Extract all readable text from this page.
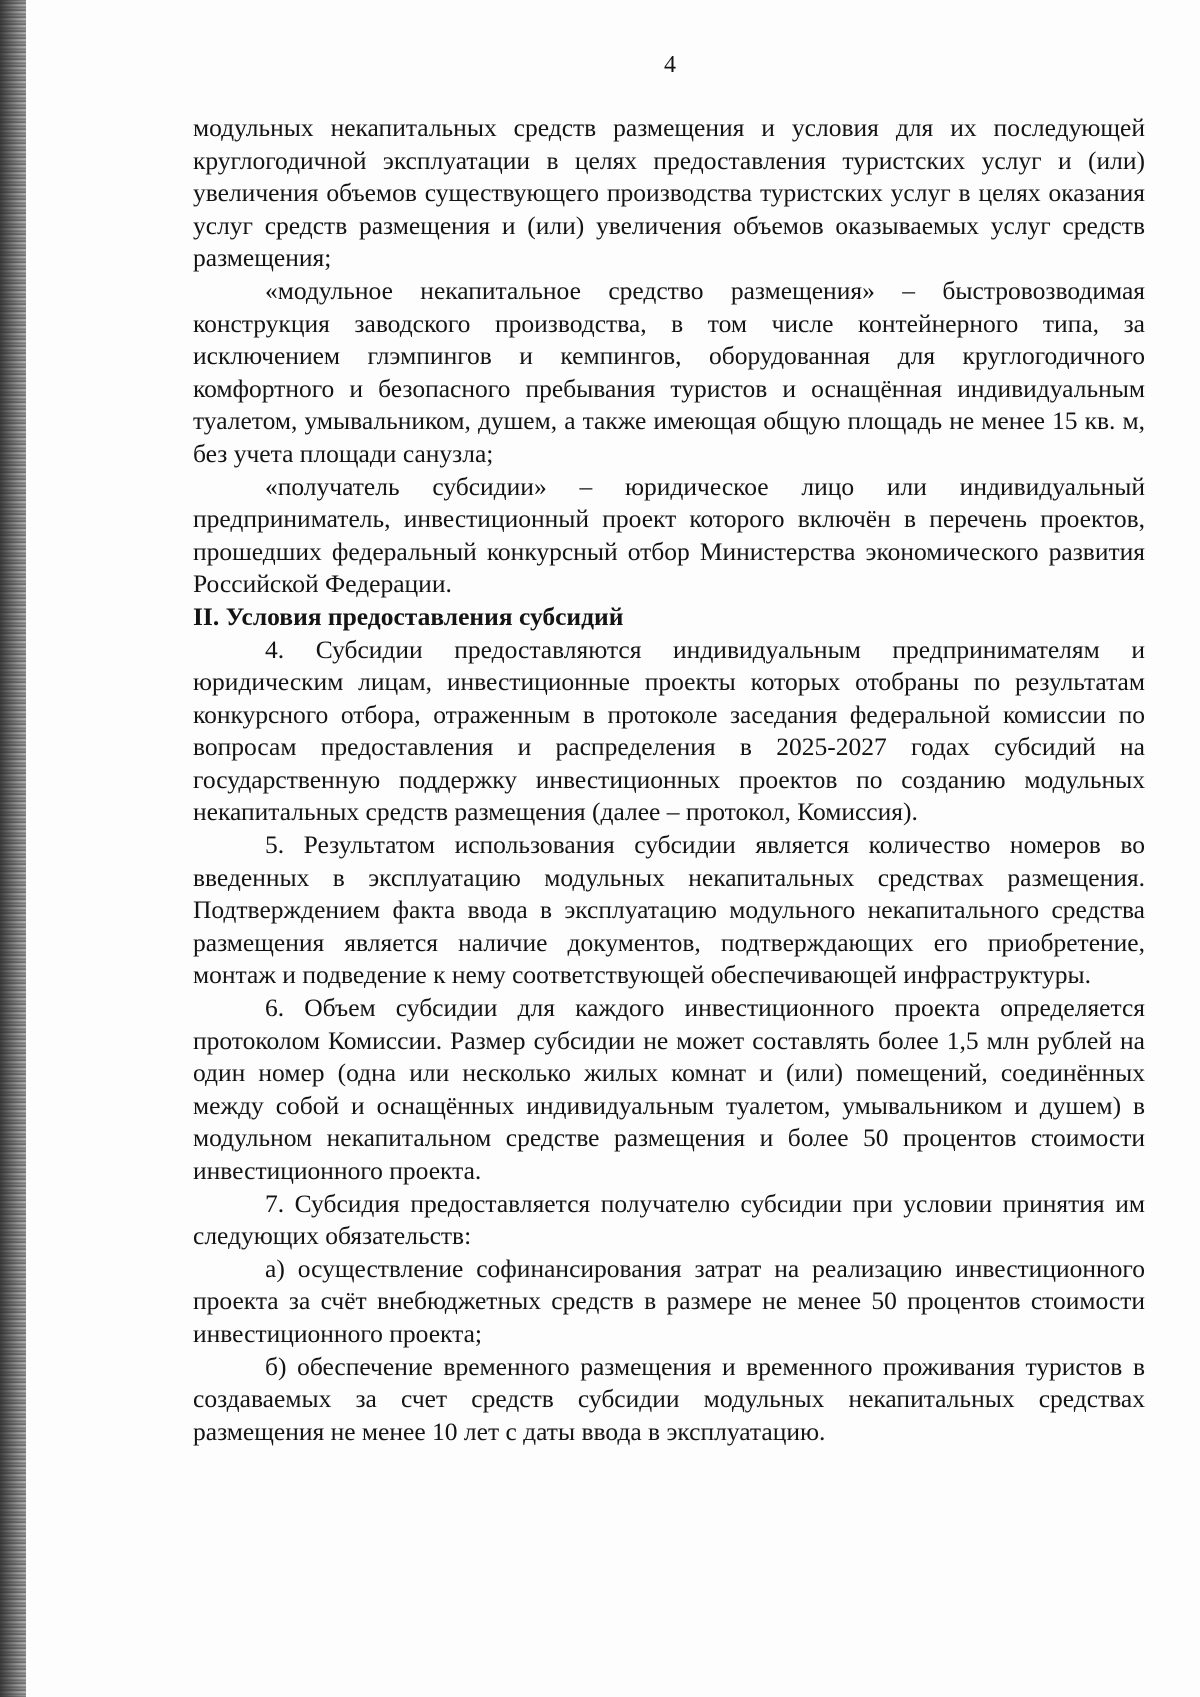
4

модульных некапитальных средств размещения и условия для их последующей круглогодичной эксплуатации в целях предоставления туристских услуг и (или) увеличения объемов существующего производства туристских услуг в целях оказания услуг средств размещения и (или) увеличения объемов оказываемых услуг средств размещения;

«модульное некапитальное средство размещения» – быстровозводимая конструкция заводского производства, в том числе контейнерного типа, за исключением глэмпингов и кемпингов, оборудованная для круглогодичного комфортного и безопасного пребывания туристов и оснащённая индивидуальным туалетом, умывальником, душем, а также имеющая общую площадь не менее 15 кв. м, без учета площади санузла;

«получатель субсидии» – юридическое лицо или индивидуальный предприниматель, инвестиционный проект которого включён в перечень проектов, прошедших федеральный конкурсный отбор Министерства экономического развития Российской Федерации.

II. Условия предоставления субсидий

4. Субсидии предоставляются индивидуальным предпринимателям и юридическим лицам, инвестиционные проекты которых отобраны по результатам конкурсного отбора, отраженным в протоколе заседания федеральной комиссии по вопросам предоставления и распределения в 2025-2027 годах субсидий на государственную поддержку инвестиционных проектов по созданию модульных некапитальных средств размещения (далее – протокол, Комиссия).

5. Результатом использования субсидии является количество номеров во введенных в эксплуатацию модульных некапитальных средствах размещения. Подтверждением факта ввода в эксплуатацию модульного некапитального средства размещения является наличие документов, подтверждающих его приобретение, монтаж и подведение к нему соответствующей обеспечивающей инфраструктуры.

6. Объем субсидии для каждого инвестиционного проекта определяется протоколом Комиссии. Размер субсидии не может составлять более 1,5 млн рублей на один номер (одна или несколько жилых комнат и (или) помещений, соединённых между собой и оснащённых индивидуальным туалетом, умывальником и душем) в модульном некапитальном средстве размещения и более 50 процентов стоимости инвестиционного проекта.

7. Субсидия предоставляется получателю субсидии при условии принятия им следующих обязательств:

а) осуществление софинансирования затрат на реализацию инвестиционного проекта за счёт внебюджетных средств в размере не менее 50 процентов стоимости инвестиционного проекта;

б) обеспечение временного размещения и временного проживания туристов в создаваемых за счет средств субсидии модульных некапитальных средствах размещения не менее 10 лет с даты ввода в эксплуатацию.
